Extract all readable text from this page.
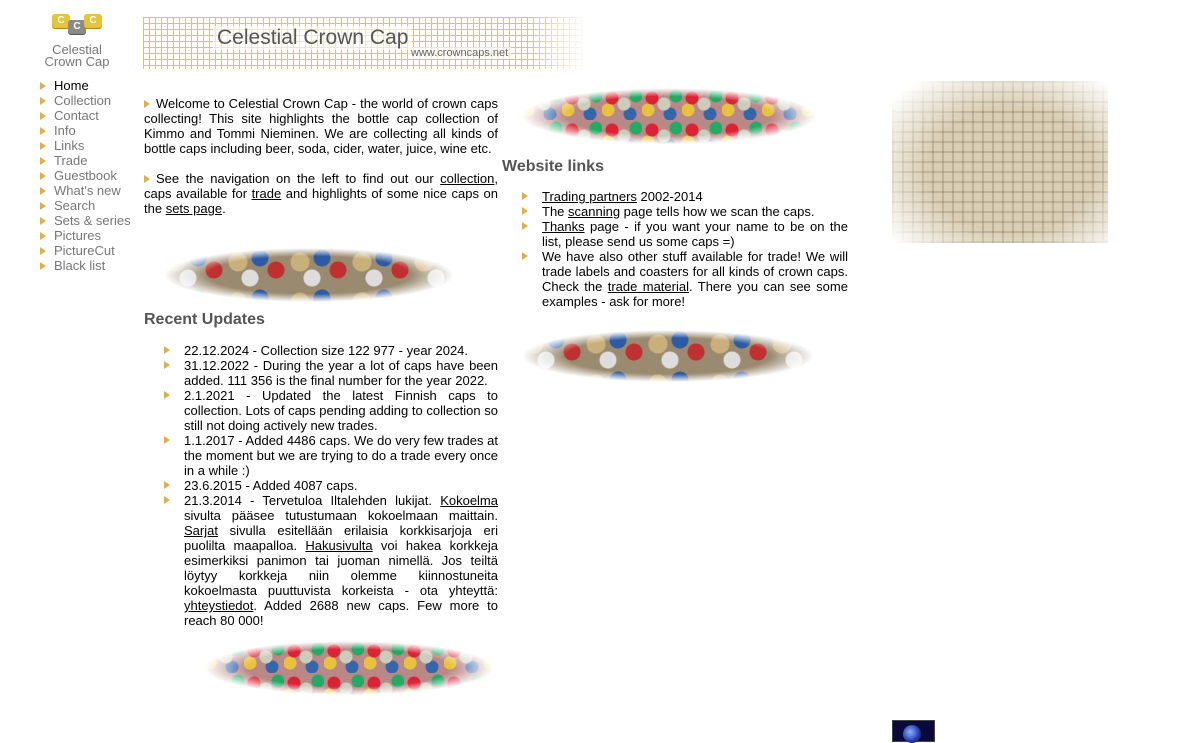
C
C
C
Celestial
Crown Cap
Celestial Crown Cap
www.crowncaps.net
Home
Collection
Contact
Info
Links
Trade
Guestbook
What's new
Search
Sets & series
Pictures
PictureCut
Black list

Welcome to Celestial Crown Cap - the world of crown caps collecting! This site highlights the bottle cap collection of Kimmo and Tommi Nieminen. We are collecting all kinds of bottle caps including beer, soda, cider, water, juice, wine etc.

See the navigation on the left to find out our collection, caps available for trade and highlights of some nice caps on the sets page.

Recent Updates
22.12.2024 - Collection size 122 977 - year 2024.
31.12.2022 - During the year a lot of caps have been added. 111 356 is the final number for the year 2022.
2.1.2021 - Updated the latest Finnish caps to collection. Lots of caps pending adding to collection so still not doing actively new trades.
1.1.2017 - Added 4486 caps. We do very few trades at the moment but we are trying to do a trade every once in a while :)
23.6.2015 - Added 4087 caps.
21.3.2014 - Tervetuloa Iltalehden lukijat. Kokoelma sivulta pääsee tutustumaan kokoelmaan maittain. Sarjat sivulla esitellään erilaisia korkkisarjoja eri puolilta maapalloa. Hakusivulta voi hakea korkkeja esimerkiksi panimon tai juoman nimellä. Jos teiltä löytyy korkkeja niin olemme kiinnostuneita kokoelmasta puuttuvista korkeista - ota yhteyttä: yhteystiedot. Added 2688 new caps. Few more to reach 80 000!
Website links
Trading partners 2002-2014
The scanning page tells how we scan the caps.
Thanks page - if you want your name to be on the list, please send us some caps =)
We have also other stuff available for trade! We will trade labels and coasters for all kinds of crown caps. Check the trade material. There you can see some examples - ask for more!
